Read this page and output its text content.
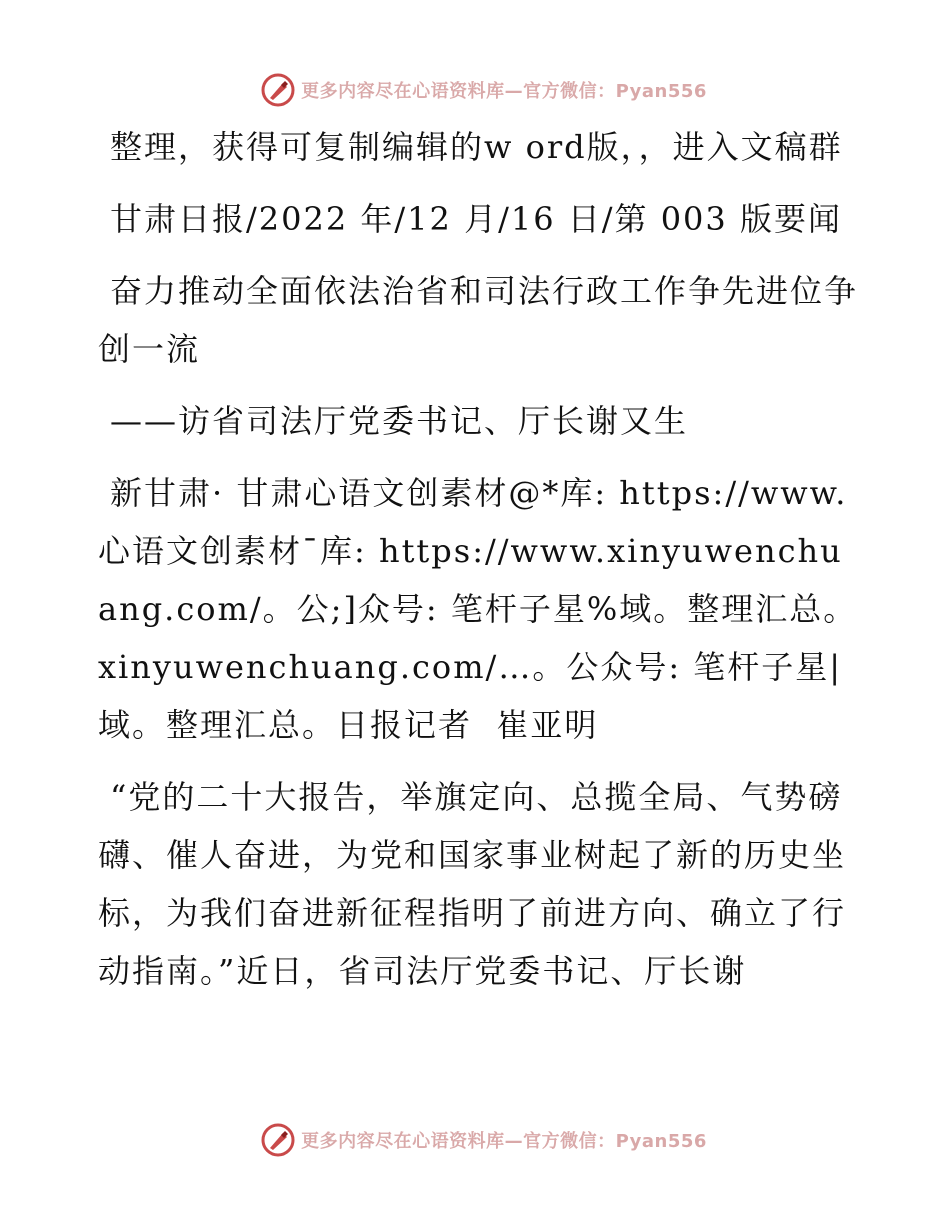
更多内容尽在心语资料库—官方微信：Pyan556

整理，获得可复制编辑的w ord版，，进入文稿群

甘肃日报/2022 年/12 月/16 日/第 003 版要闻

奋力推动全面依法治省和司法行政工作争先进位争创一流

——访省司法厅党委书记、厅长谢又生

新甘肃· 甘肃心语文创素材@*库: https://www.心语文创素材¯库: https://www.xinyuwenchuang.com/。公;]众号: 笔杆子星%域。整理汇总。xinyuwenchuang.com/…。公众号: 笔杆子星|域。整理汇总。日报记者  崔亚明

“党的二十大报告，举旗定向、总揽全局、气势磅礴、催人奋进，为党和国家事业树起了新的历史坐标，为我们奋进新征程指明了前进方向、确立了行动指南。”近日，省司法厅党委书记、厅长谢

更多内容尽在心语资料库—官方微信：Pyan556
